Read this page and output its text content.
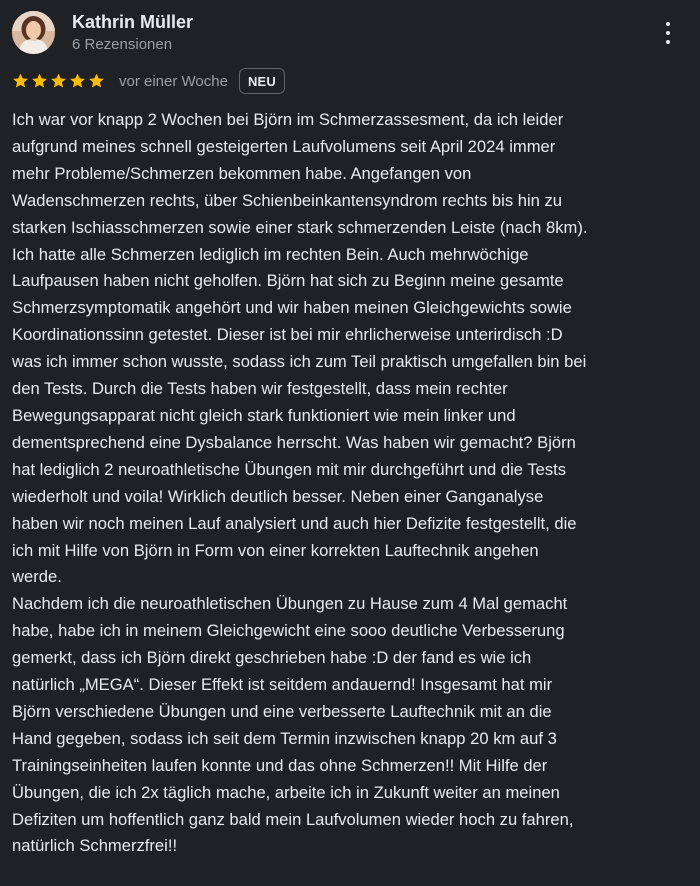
Kathrin Müller
6 Rezensionen
vor einer Woche	NEU

Ich war vor knapp 2 Wochen bei Björn im Schmerzassesment, da ich leider
aufgrund meines schnell gesteigerten Laufvolumens seit April 2024 immer
mehr Probleme/Schmerzen bekommen habe. Angefangen von
Wadenschmerzen rechts, über Schienbeinkantensyndrom rechts bis hin zu
starken Ischiasschmerzen sowie einer stark schmerzenden Leiste (nach 8km).
Ich hatte alle Schmerzen lediglich im rechten Bein. Auch mehrwöchige
Laufpausen haben nicht geholfen. Björn hat sich zu Beginn meine gesamte
Schmerzsymptomatik angehört und wir haben meinen Gleichgewichts sowie
Koordinationssinn getestet. Dieser ist bei mir ehrlicherweise unterirdisch :D
was ich immer schon wusste, sodass ich zum Teil praktisch umgefallen bin bei
den Tests. Durch die Tests haben wir festgestellt, dass mein rechter
Bewegungsapparat nicht gleich stark funktioniert wie mein linker und
dementsprechend eine Dysbalance herrscht. Was haben wir gemacht? Björn
hat lediglich 2 neuroathletische Übungen mit mir durchgeführt und die Tests
wiederholt und voila! Wirklich deutlich besser. Neben einer Ganganalyse
haben wir noch meinen Lauf analysiert und auch hier Defizite festgestellt, die
ich mit Hilfe von Björn in Form von einer korrekten Lauftechnik angehen
werde.

Nachdem ich die neuroathletischen Übungen zu Hause zum 4 Mal gemacht
habe, habe ich in meinem Gleichgewicht eine sooo deutliche Verbesserung
gemerkt, dass ich Björn direkt geschrieben habe :D der fand es wie ich
natürlich „MEGA“. Dieser Effekt ist seitdem andauernd! Insgesamt hat mir
Björn verschiedene Übungen und eine verbesserte Lauftechnik mit an die
Hand gegeben, sodass ich seit dem Termin inzwischen knapp 20 km auf 3
Trainingseinheiten laufen konnte und das ohne Schmerzen!! Mit Hilfe der
Übungen, die ich 2x täglich mache, arbeite ich in Zukunft weiter an meinen
Defiziten um hoffentlich ganz bald mein Laufvolumen wieder hoch zu fahren,
natürlich Schmerzfrei!!
